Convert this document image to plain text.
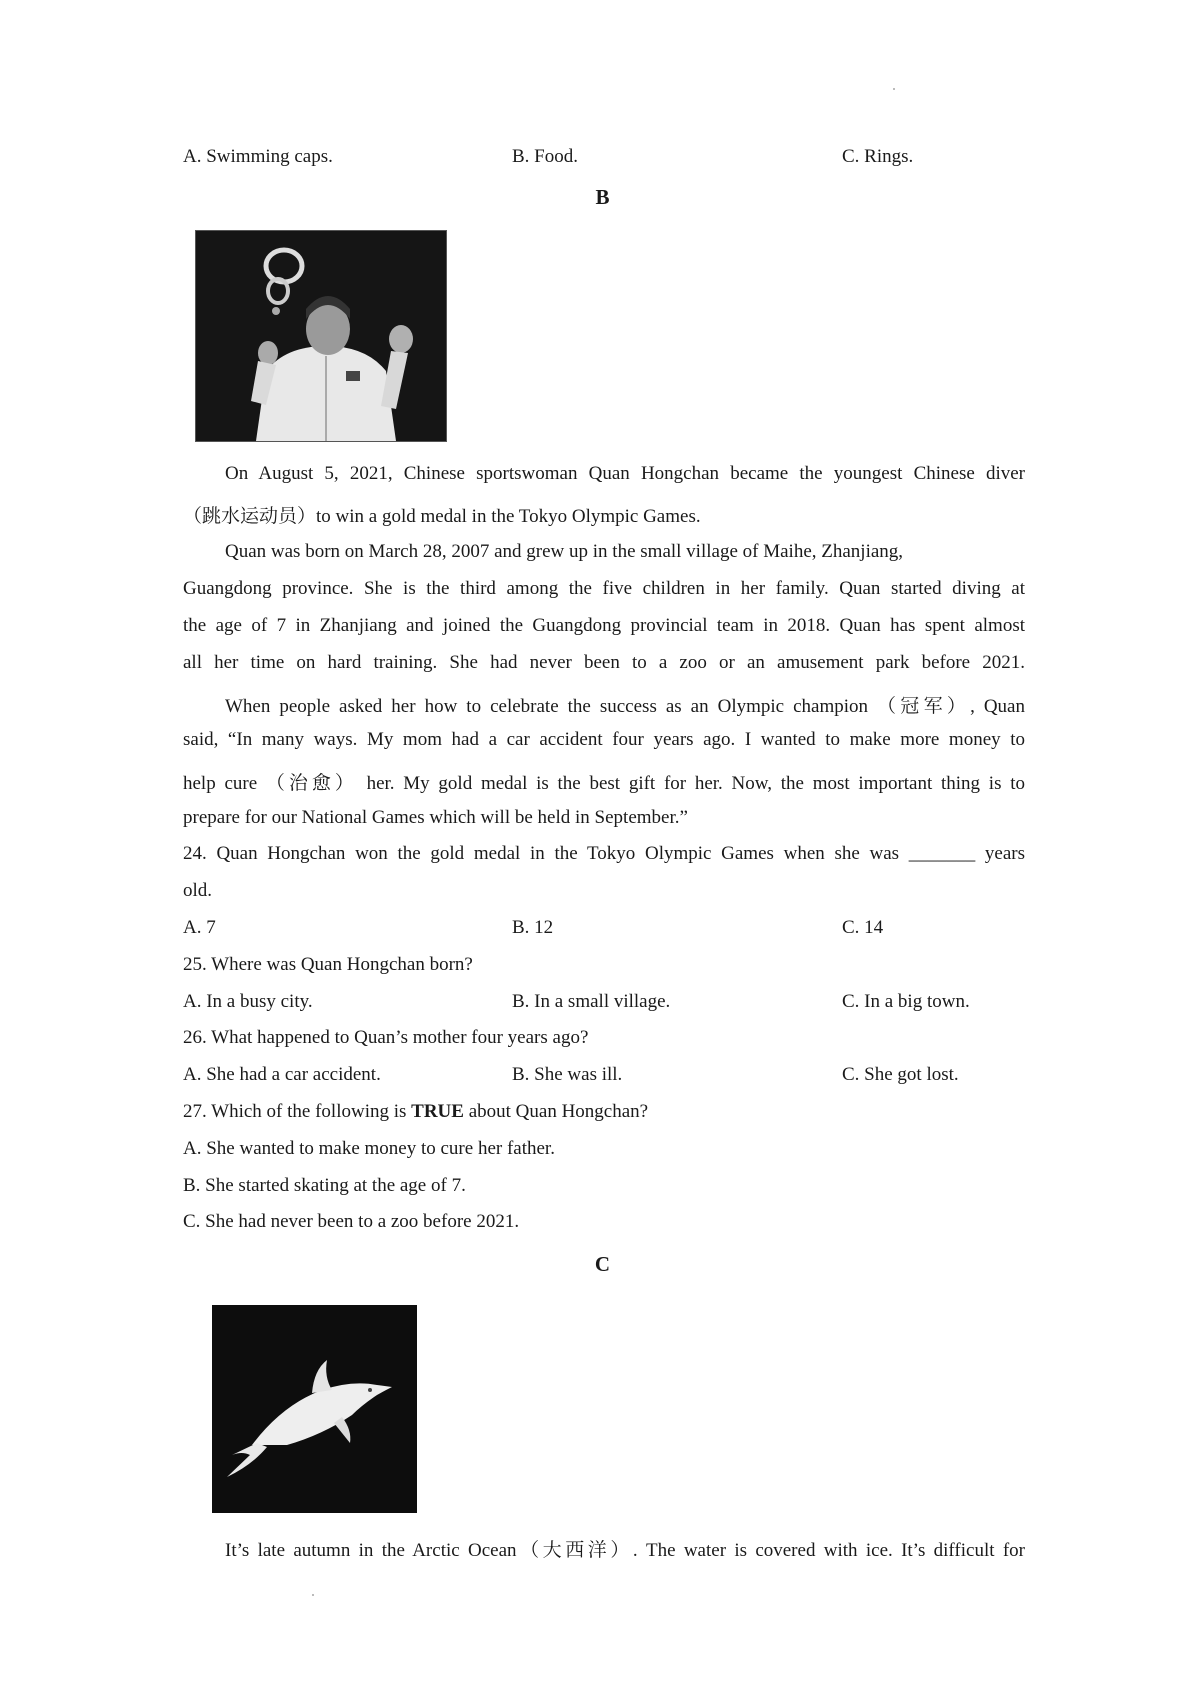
A. Swimming caps.	B. Food.	C. Rings.
B
On August 5, 2021, Chinese sportswoman Quan Hongchan became the youngest Chinese diver
（跳水运动员）to win a gold medal in the Tokyo Olympic Games.
Quan was born on March 28, 2007 and grew up in the small village of Maihe, Zhanjiang,
Guangdong province. She is the third among the five children in her family. Quan started diving at
the age of 7 in Zhanjiang and joined the Guangdong provincial team in 2018. Quan has spent almost
all her time on hard training. She had never been to a zoo or an amusement park before 2021.
When people asked her how to celebrate the success as an Olympic champion （冠军）, Quan
said, “In many ways. My mom had a car accident four years ago. I wanted to make more money to
help cure （治愈） her. My gold medal is the best gift for her. Now, the most important thing is to
prepare for our National Games which will be held in September.”
24. Quan Hongchan won the gold medal in the Tokyo Olympic Games when she was _______ years
old.
A. 7	B. 12	C. 14
25. Where was Quan Hongchan born?
A. In a busy city.	B. In a small village.	C. In a big town.
26. What happened to Quan’s mother four years ago?
A. She had a car accident.	B. She was ill.	C. She got lost.
27. Which of the following is TRUE about Quan Hongchan?
A. She wanted to make money to cure her father.
B. She started skating at the age of 7.
C. She had never been to a zoo before 2021.
C
It’s late autumn in the Arctic Ocean（大西洋）. The water is covered with ice. It’s difficult for
